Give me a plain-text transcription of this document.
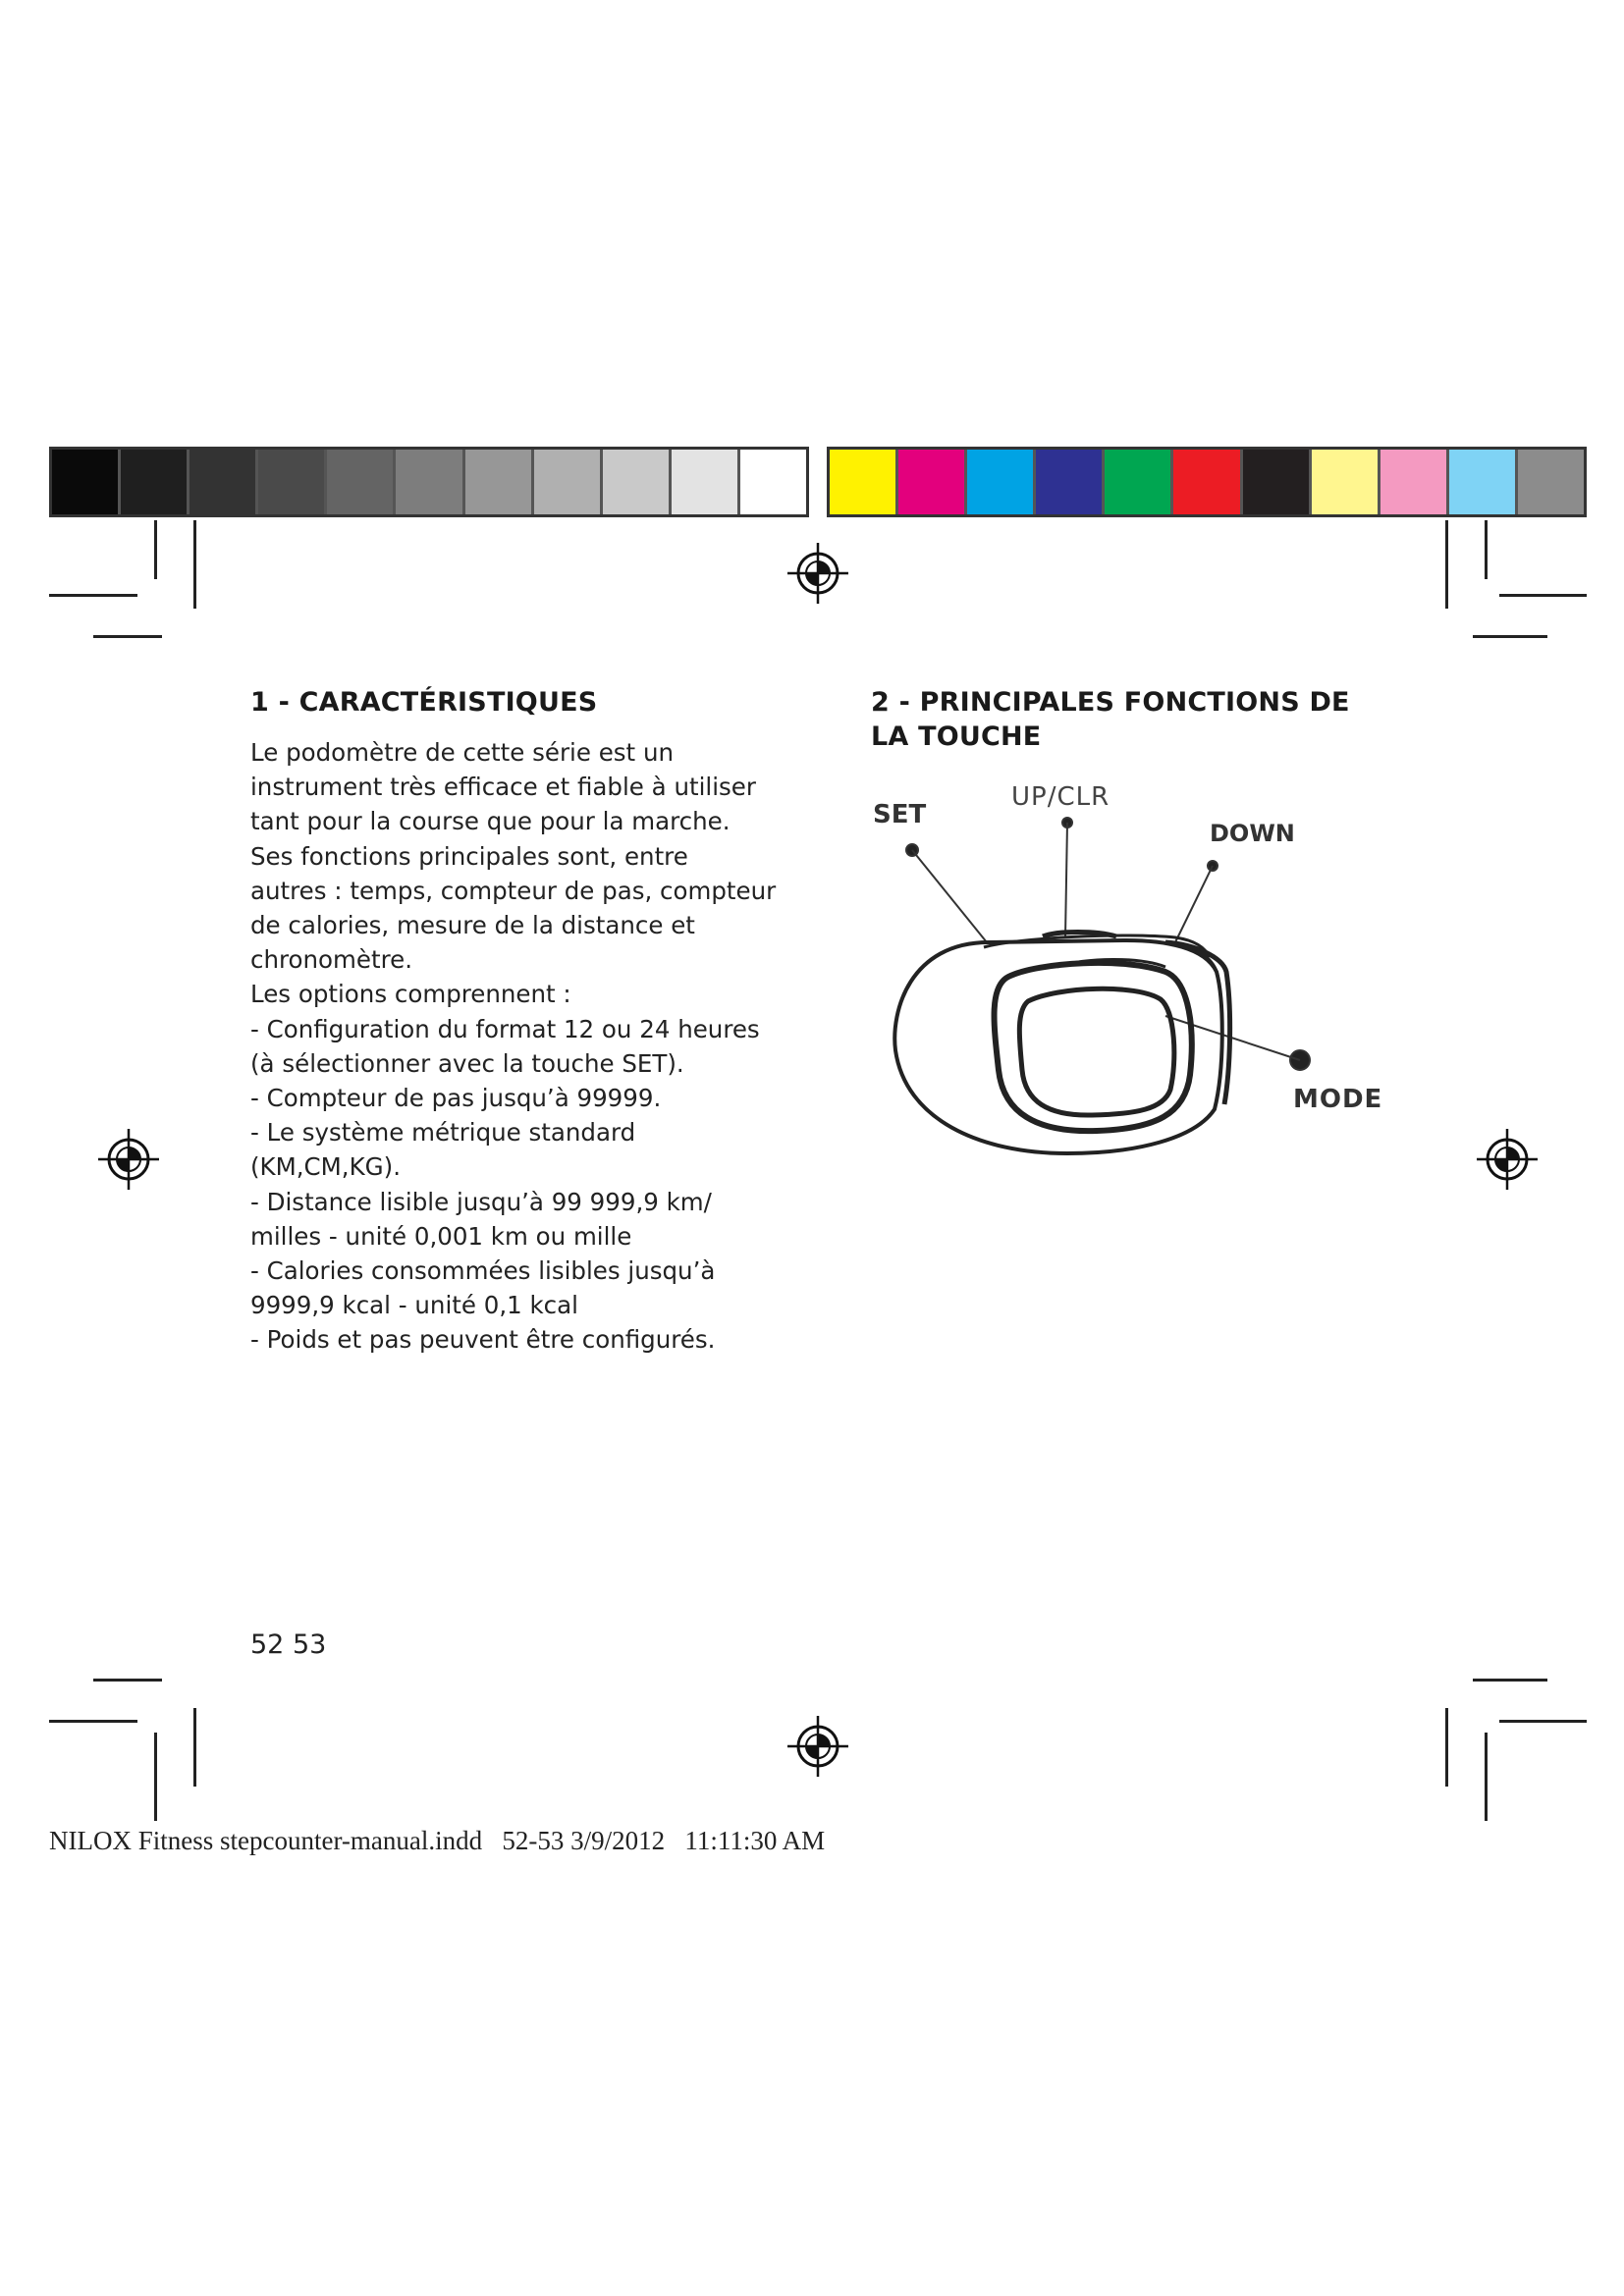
1 - CARACTÉRISTIQUES
Le podomètre de cette série est un
instrument très efficace et fiable à utiliser
tant pour la course que pour la marche.
Ses fonctions principales sont, entre
autres : temps, compteur de pas, compteur
de calories, mesure de la distance et
chronomètre.
Les options comprennent :
- Configuration du format 12 ou 24 heures
(à sélectionner avec la touche SET).
- Compteur de pas jusqu’à 99999.
- Le système métrique standard
(KM,CM,KG).
- Distance lisible jusqu’à 99 999,9 km/
milles - unité 0,001 km ou mille
- Calories consommées lisibles jusqu’à
9999,9 kcal - unité 0,1 kcal
- Poids et pas peuvent être configurés.
2 - PRINCIPALES FONCTIONS DE
LA TOUCHE
SET
UP/CLR
DOWN
MODE
52 53
NILOX Fitness stepcounter-manual.indd   52-53 3/9/2012   11:11:30 AM
